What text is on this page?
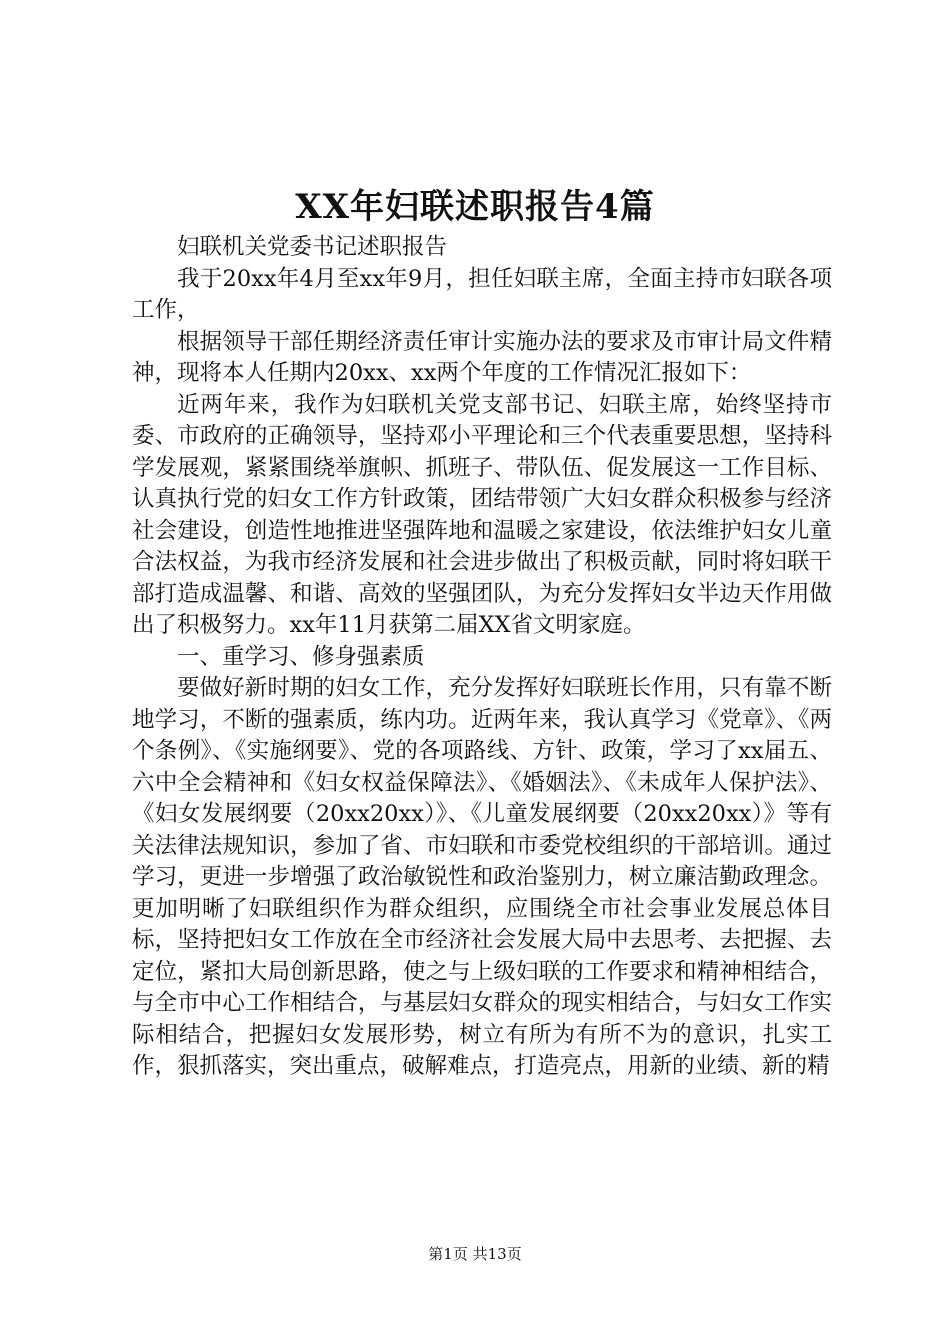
XX年妇联述职报告4篇

妇联机关党委书记述职报告

我于20xx年4月至xx年9月，担任妇联主席，全面主持市妇联各项工作，

根据领导干部任期经济责任审计实施办法的要求及市审计局文件精神，现将本人任期内20xx、xx两个年度的工作情况汇报如下：

近两年来，我作为妇联机关党支部书记、妇联主席，始终坚持市委、市政府的正确领导，坚持邓小平理论和三个代表重要思想，坚持科学发展观，紧紧围绕举旗帜、抓班子、带队伍、促发展这一工作目标、认真执行党的妇女工作方针政策，团结带领广大妇女群众积极参与经济社会建设，创造性地推进坚强阵地和温暖之家建设，依法维护妇女儿童合法权益，为我市经济发展和社会进步做出了积极贡献，同时将妇联干部打造成温馨、和谐、高效的坚强团队，为充分发挥妇女半边天作用做出了积极努力。xx年11月获第二届XX省文明家庭。

一、重学习、修身强素质

要做好新时期的妇女工作，充分发挥好妇联班长作用，只有靠不断地学习，不断的强素质，练内功。近两年来，我认真学习《党章》、《两个条例》、《实施纲要》、党的各项路线、方针、政策，学习了xx届五、六中全会精神和《妇女权益保障法》、《婚姻法》、《未成年人保护法》、《妇女发展纲要（20xx20xx）》、《儿童发展纲要（20xx20xx）》等有关法律法规知识，参加了省、市妇联和市委党校组织的干部培训。通过学习，更进一步增强了政治敏锐性和政治鉴别力，树立廉洁勤政理念。更加明晰了妇联组织作为群众组织，应围绕全市社会事业发展总体目标，坚持把妇女工作放在全市经济社会发展大局中去思考、去把握、去定位，紧扣大局创新思路，使之与上级妇联的工作要求和精神相结合，与全市中心工作相结合，与基层妇女群众的现实相结合，与妇女工作实际相结合，把握妇女发展形势，树立有所为有所不为的意识，扎实工作，狠抓落实，突出重点，破解难点，打造亮点，用新的业绩、新的精

第1页 共13页
